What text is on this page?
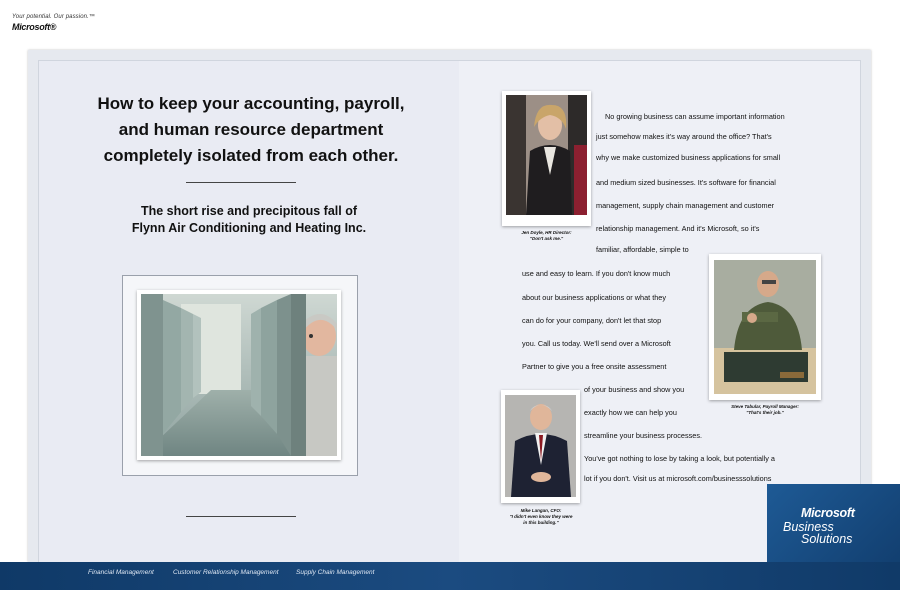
Your potential. Our passion.™
Microsoft®
How to keep your accounting, payroll,
and human resource department
completely isolated from each other.
The short rise and precipitous fall of
Flynn Air Conditioning and Heating Inc.	Jen Doyle, HR Director:
"Don't ask me."
Steve Tabular, Payroll Manager:
"That's their job."
Mike Langan, CFO:
"I didn't even know they were
in this building."
No growing business can assume important information
just somehow makes it's way around the office? That's
why we make customized business applications for small
and medium sized businesses. It's software for financial
management, supply chain management and customer
relationship management. And it's Microsoft, so it's
familiar, affordable, simple to
use and easy to learn. If you don't know much
about our business applications or what they
can do for your company, don't let that stop
you. Call us today. We'll send over a Microsoft
Partner to give you a free onsite assessment
of your business and show you
exactly how we can help you
streamline your business processes.
You've got nothing to lose by taking a look, but potentially a
lot if you don't. Visit us at microsoft.com/businesssolutions
Microsoft
Business
Solutions
Financial Management	Customer Relationship Management	Supply Chain Management
